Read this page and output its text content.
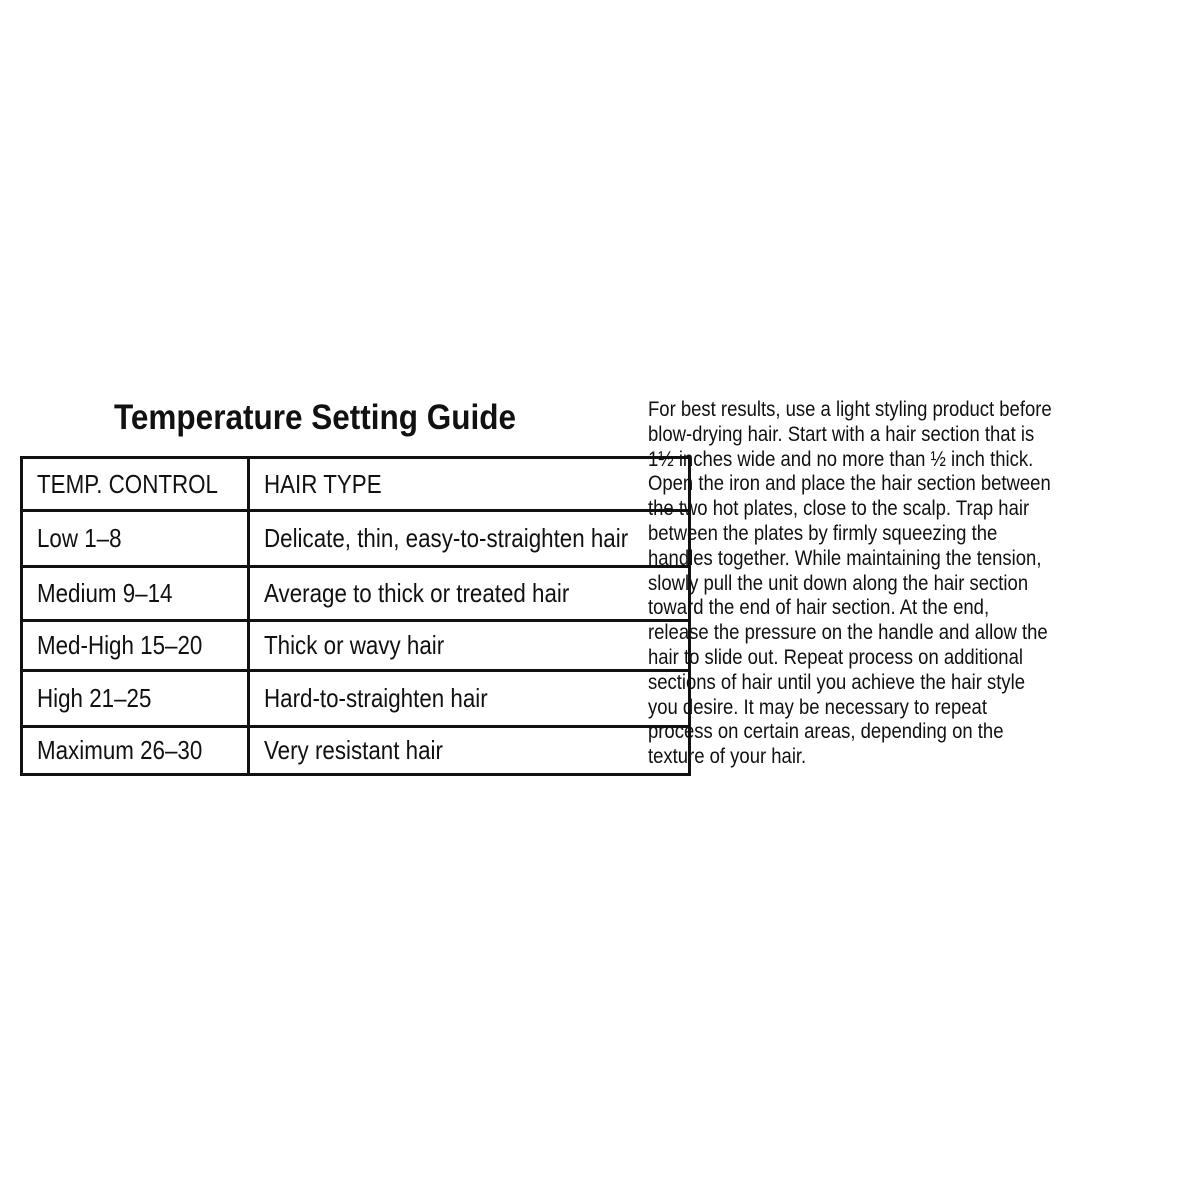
Temperature Setting Guide
TEMP. CONTROL	HAIR TYPE
Low 1–8	Delicate, thin, easy-to-straighten hair
Medium 9–14	Average to thick or treated hair
Med-High 15–20	Thick or wavy hair
High 21–25	Hard-to-straighten hair
Maximum 26–30	Very resistant hair

For best results, use a light styling product before blow-drying hair. Start with a hair section that is 1½ inches wide and no more than ½ inch thick. Open the iron and place the hair section between the two hot plates, close to the scalp. Trap hair between the plates by firmly squeezing the handles together. While maintaining the tension, slowly pull the unit down along the hair section toward the end of hair section. At the end, release the pressure on the handle and allow the hair to slide out. Repeat process on additional sections of hair until you achieve the hair style you desire. It may be necessary to repeat process on certain areas, depending on the texture of your hair.
